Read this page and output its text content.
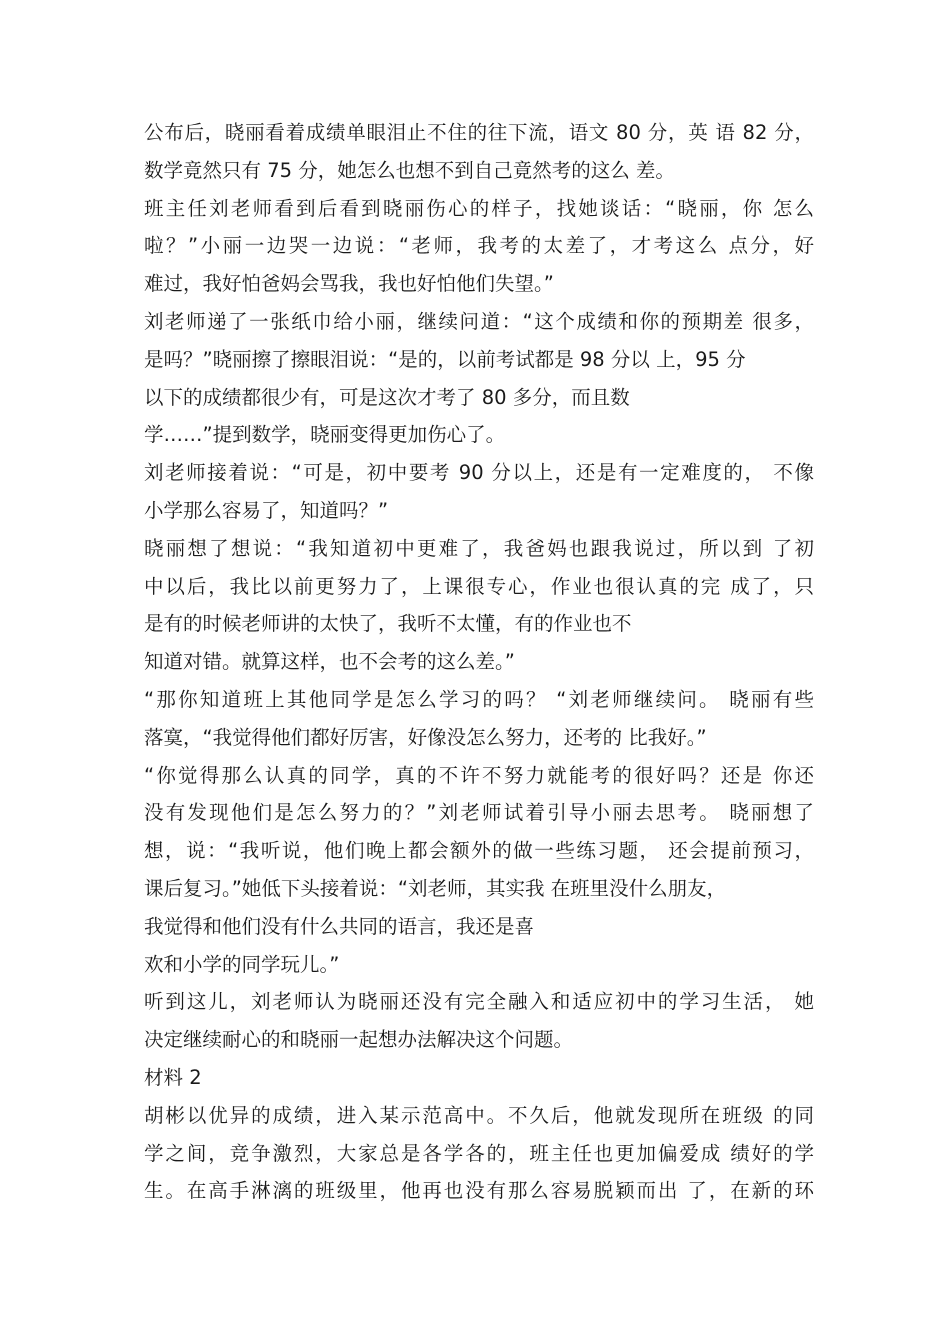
公布后，晓丽看着成绩单眼泪止不住的往下流，语文 80 分，英 语 82 分，
数学竟然只有 75 分，她怎么也想不到自己竟然考的这么 差。
班主任刘老师看到后看到晓丽伤心的样子，找她谈话：“晓丽，你 怎么
啦？”小丽一边哭一边说：“老师，我考的太差了，才考这么 点分，好
难过，我好怕爸妈会骂我，我也好怕他们失望。”
刘老师递了一张纸巾给小丽，继续问道：“这个成绩和你的预期差 很多，
是吗？”晓丽擦了擦眼泪说：“是的，以前考试都是 98 分以 上，95 分
以下的成绩都很少有，可是这次才考了 80 多分，而且数
学……”提到数学，晓丽变得更加伤心了。
刘老师接着说：“可是，初中要考 90 分以上，还是有一定难度的， 不像
小学那么容易了，知道吗？”
晓丽想了想说：“我知道初中更难了，我爸妈也跟我说过，所以到 了初
中以后，我比以前更努力了，上课很专心，作业也很认真的完 成了，只
是有的时候老师讲的太快了，我听不太懂，有的作业也不
知道对错。就算这样，也不会考的这么差。”
“那你知道班上其他同学是怎么学习的吗？ “刘老师继续问。 晓丽有些
落寞，“我觉得他们都好厉害，好像没怎么努力，还考的 比我好。”
“你觉得那么认真的同学，真的不许不努力就能考的很好吗？还是 你还
没有发现他们是怎么努力的？”刘老师试着引导小丽去思考。 晓丽想了
想，说：“我听说，他们晚上都会额外的做一些练习题， 还会提前预习，
课后复习。”她低下头接着说：“刘老师，其实我 在班里没什么朋友，
我觉得和他们没有什么共同的语言，我还是喜
欢和小学的同学玩儿。”
听到这儿，刘老师认为晓丽还没有完全融入和适应初中的学习生活， 她
决定继续耐心的和晓丽一起想办法解决这个问题。
材料 2
胡彬以优异的成绩，进入某示范高中。不久后，他就发现所在班级 的同
学之间，竞争激烈，大家总是各学各的，班主任也更加偏爱成 绩好的学
生。在高手淋漓的班级里，他再也没有那么容易脱颖而出 了，在新的环
